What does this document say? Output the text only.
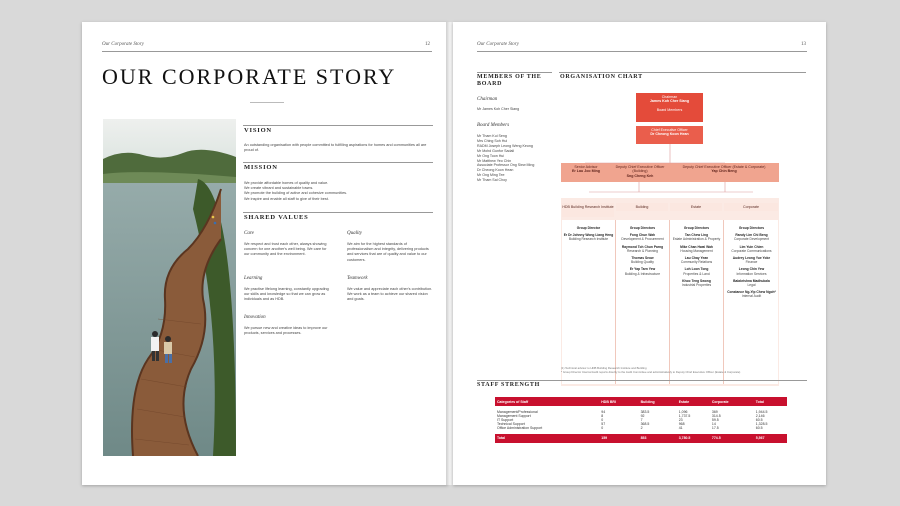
Our Corporate Story	12
OUR CORPORATE STORY
VISION
An outstanding organisation with people committed to fulfilling aspirations for homes and communities all are proud of.
MISSION
We provide affordable homes of quality and value.
We create vibrant and sustainable towns.
We promote the building of active and cohesive communities.
We inspire and enable all staff to give of their best.
SHARED VALUES
Care
We respect and trust each other, always showing concern for one another's well being. We care for our community and the environment.
Quality
We aim for the highest standards of professionalism and integrity, delivering products and services that are of quality and value to our customers.
Learning
We practise lifelong learning, constantly upgrading our skills and knowledge so that we can grow as individuals and as HDB.
Teamwork
We value and appreciate each other's contribution. We work as a team to achieve our shared vision and goals.
Innovation
We pursue new and creative ideas to improve our products, services and processes.
Our Corporate Story	13
MEMBERS OF THE BOARD
Chairman
Mr James Koh Cher Siang
Board Members
Mr Tham Kui Seng
Mrs Ching Soh Hui
RADM Joseph Leong Weng Keong
Mr Mohd Gunfor Sadali
Mr Ong Toon Hui
Mr Matthew Yeo Chin
Associate Professor Ong Siew Ming
Dr Cheong Koon Hean
Mr Ong Ming Tee
Mr Tham Sai Choy
ORGANISATION CHART
Chairman
James Koh Cher Siang
Board Members
Chief Executive Officer
Dr Cheong Koon Hean
Senior Advisor
Er Lau Joo Ming
Deputy Chief Executive Officer (Building)
Sng Cheng Keh
Deputy Chief Executive Officer (Estate & Corporate)
Yap Chin Beng
HDB Building Research Institute	Building	Estate	Corporate
Group Director
Er Dr Johnny Wong Liang Heng

Building Research Institute

Group Directors
Fong Chun Wah

Development & Procurement

Raymond Toh Chun Parng

Research & Planning

Thomas Seow

Building Quality

Er Yap Tarn Yew

Building & Infrastructure

Group Directors
Tan Chew Ling

Estate Administration & Property

Mike Chan Hwai Wah

Housing Management

Lau Chay Yean

Community Relations

Loh Loon Tong

Properties & Land

Khoo Teng Swong

Industrial Properties

Group Directors
Randy Lim Chi Beng

Corporate Development

Lim Yuin Chien

Corporate Communications

Audrey Leong Yue Yoke

Finance

Leong Chin Yew

Information Services

Balakrishna Madhukala

Legal

Constance Ng-Yip Chew Ngoh*

Internal Audit

(1) Technical advisor to HDB Building Research Institute and Building
* Group Director Internal Audit reports directly to the Audit Committee and administratively to Deputy Chief Executive Officer (Estate & Corporate)
STAFF STRENGTH
Categories of Staff	HDB BRI	Building	Estate	Corporate	Total

Management/Professional	94	383.5	1,096	369	1,944.5
Management Support	8	92	1,737.5	314.5	2,146
IT Support	0	7	23	59.5	60.5
Technical Support	57	368.5	968	14	1,328.5
Office Administration Support	0	2	41	17.5	60.5

Total	159	853	3,780.5	774.5	5,567
